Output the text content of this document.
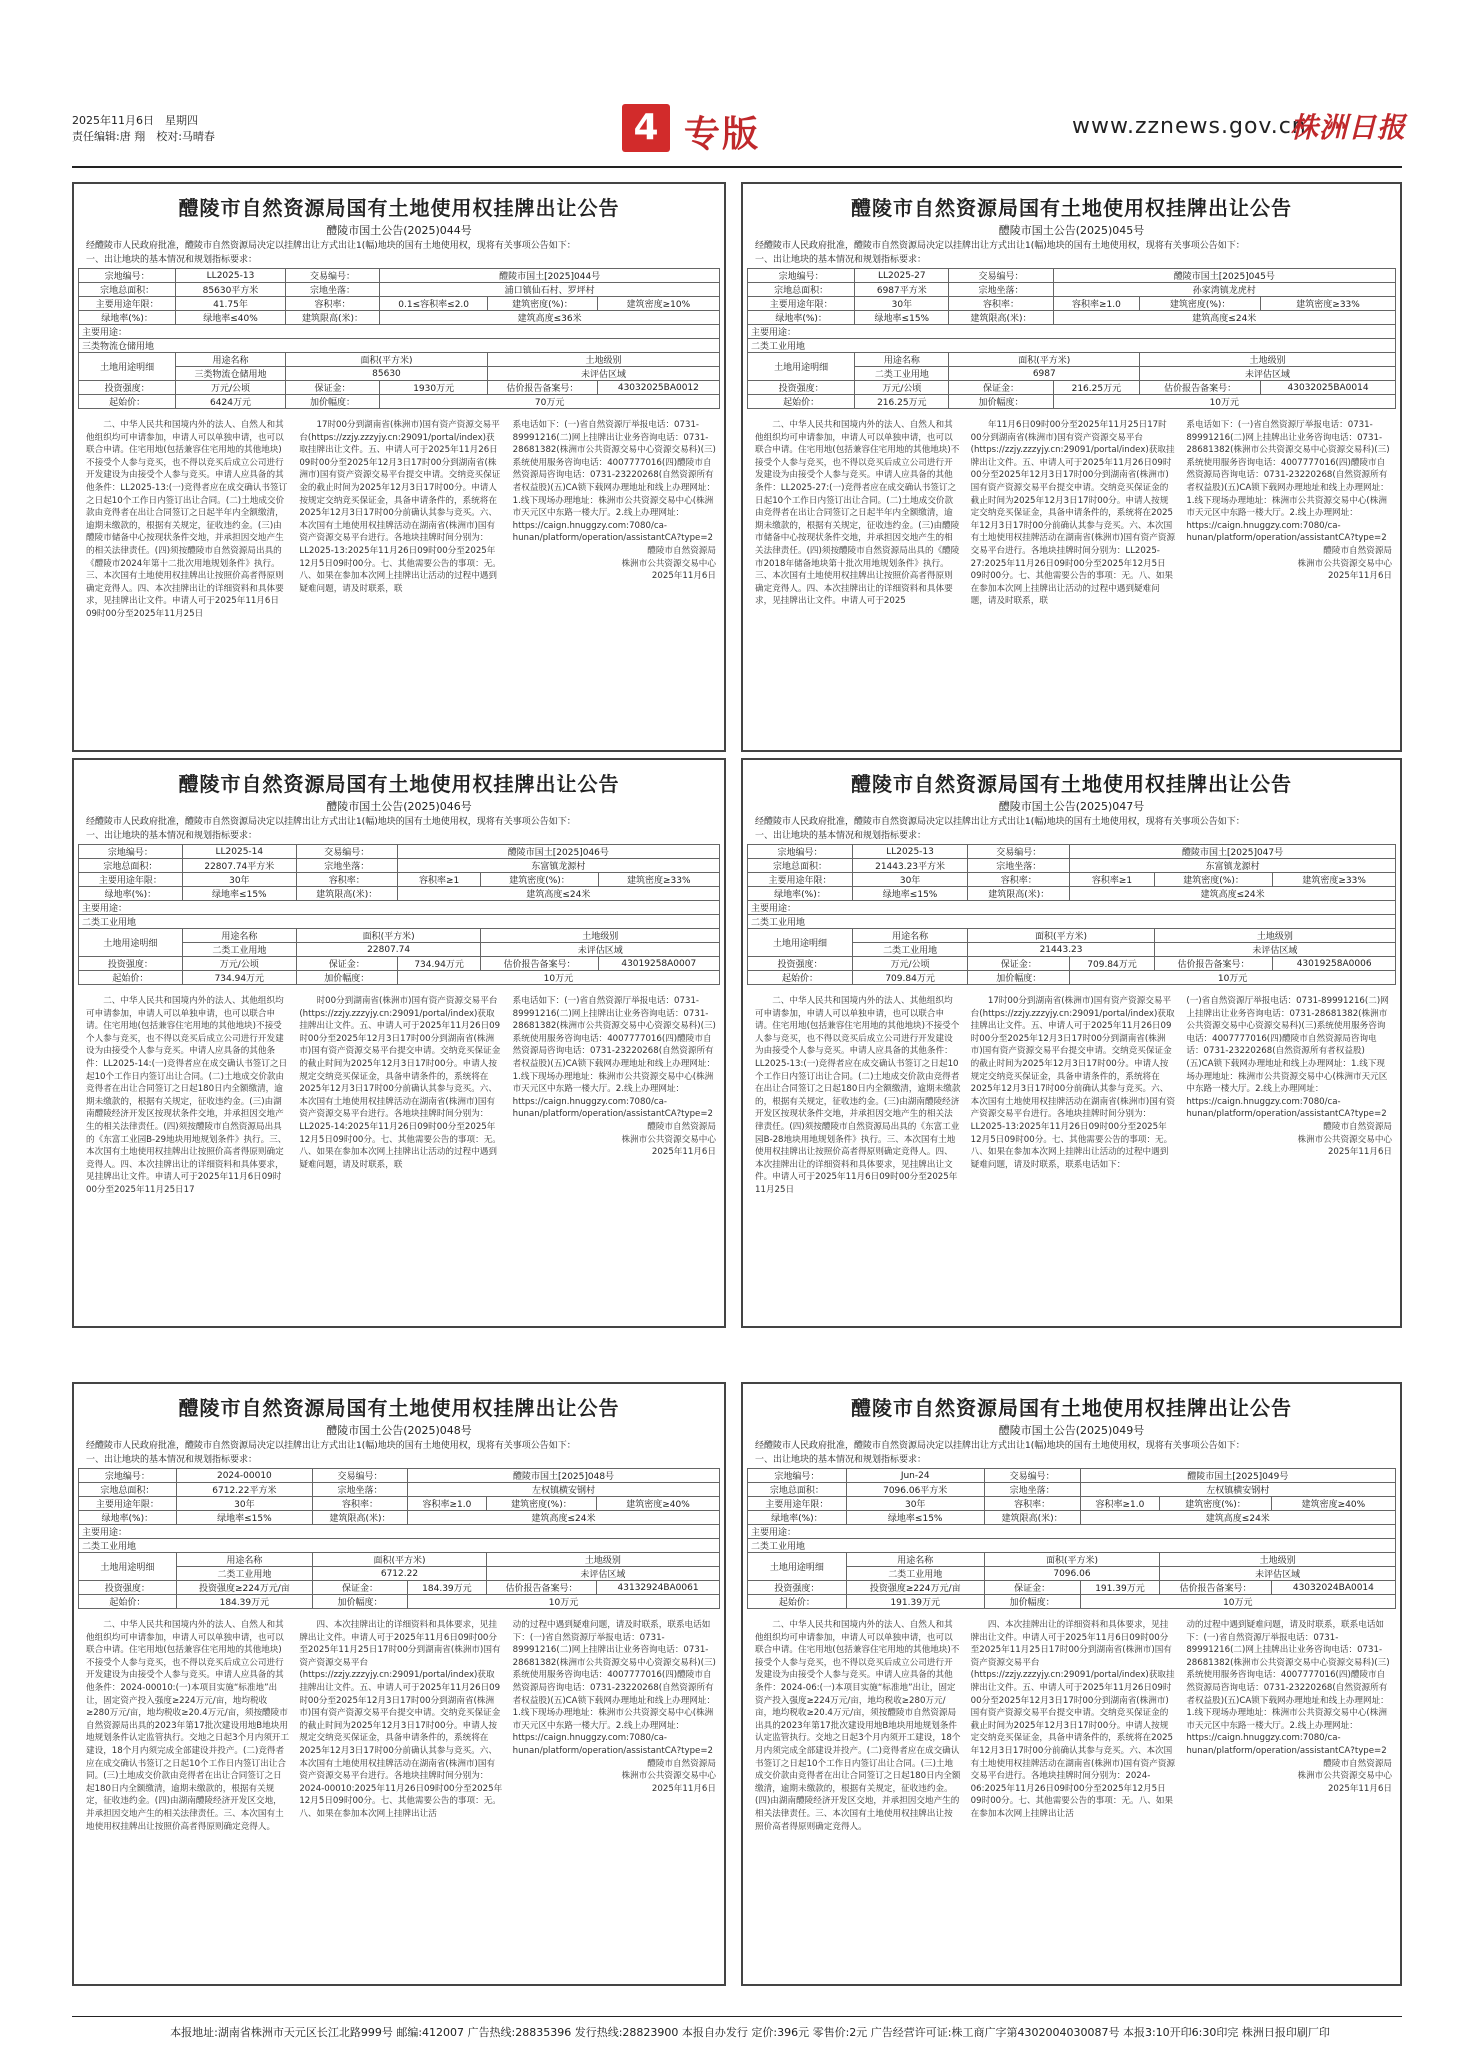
2025年11月6日　星期四
责任编辑:唐 翔　校对:马晴春	4 专版	www.zznews.gov.cn
株洲日报
醴陵市自然资源局国有土地使用权挂牌出让公告
醴陵市国土公告(2025)044号
经醴陵市人民政府批准，醴陵市自然资源局决定以挂牌出让方式出让1(幅)地块的国有土地使用权，现将有关事项公告如下：
一、出让地块的基本情况和规划指标要求：
宗地编号：	LL2025-13	交易编号：	醴陵市国土[2025]044号		
宗地总面积：	85630平方米	宗地坐落：	浦口镇仙石村、罗坪村		
主要用途年限：	41.75年	容积率：	0.1≤容积率≤2.0	建筑密度(%)：	建筑密度≥10%
绿地率(%)：	绿地率≤40%	建筑限高(米)：	建筑高度≤36米		
主要用途：					
三类物流仓储用地					
土地用途明细	用途名称	面积(平方米)		土地级别	
	三类物流仓储用地	85630		未评估区域	
投资强度：	万元/公顷	保证金：	1930万元	估价报告备案号：	43032025BA0012
起始价：	6424万元	加价幅度：	70万元		

二、中华人民共和国境内外的法人、自然人和其他组织均可申请参加，申请人可以单独申请，也可以联合申请。住宅用地(包括兼容住宅用地的其他地块)不接受个人参与竞买，也不得以竞买后成立公司进行开发建设为由接受个人参与竞买。申请人应具备的其他条件：LL2025-13:(一)竞得者应在成交确认书签订之日起10个工作日内签订出让合同。(二)土地成交价款由竞得者在出让合同签订之日起半年内全额缴清，逾期未缴款的，根据有关规定，征收违约金。(三)由醴陵市储备中心按现状条件交地，并承担因交地产生的相关法律责任。(四)须按醴陵市自然资源局出具的《醴陵市2024年第十二批次用地规划条件》执行。三、本次国有土地使用权挂牌出让按照价高者得原则确定竞得人。四、本次挂牌出让的详细资料和具体要求，见挂牌出让文件。申请人可于2025年11月6日09时00分至2025年11月25日

17时00分到湖南省(株洲市)国有资产资源交易平台(https://zzjy.zzzyjy.cn:29091/portal/index)获取挂牌出让文件。五、申请人可于2025年11月26日09时00分至2025年12月3日17时00分到湖南省(株洲市)国有资产资源交易平台提交申请。交纳竞买保证金的截止时间为2025年12月3日17时00分。申请人按规定交纳竞买保证金，具备申请条件的，系统将在2025年12月3日17时00分前确认其参与竞买。六、本次国有土地使用权挂牌活动在湖南省(株洲市)国有资产资源交易平台进行。各地块挂牌时间分别为：LL2025-13:2025年11月26日09时00分至2025年12月5日09时00分。七、其他需要公告的事项：无。八、如果在参加本次网上挂牌出让活动的过程中遇到疑难问题，请及时联系，联

系电话如下：(一)省自然资源厅举报电话：0731-89991216(二)网上挂牌出让业务咨询电话：0731-28681382(株洲市公共资源交易中心资源交易科)(三)系统使用服务咨询电话：4007777016(四)醴陵市自然资源局咨询电话：0731-23220268(自然资源所有者权益股)(五)CA锁下载网办理地址和线上办理网址：1.线下现场办理地址：株洲市公共资源交易中心(株洲市天元区中东路一楼大厅。2.线上办理网址：https://caign.hnuggzy.com:7080/ca-hunan/platform/operation/assistantCA?type=2

醴陵市自然资源局

株洲市公共资源交易中心

2025年11月6日

醴陵市自然资源局国有土地使用权挂牌出让公告
醴陵市国土公告(2025)045号
经醴陵市人民政府批准，醴陵市自然资源局决定以挂牌出让方式出让1(幅)地块的国有土地使用权，现将有关事项公告如下：
一、出让地块的基本情况和规划指标要求：
宗地编号：	LL2025-27	交易编号：	醴陵市国土[2025]045号		
宗地总面积：	6987平方米	宗地坐落：	孙家湾镇龙虎村		
主要用途年限：	30年	容积率：	容积率≥1.0	建筑密度(%)：	建筑密度≥33%
绿地率(%)：	绿地率≤15%	建筑限高(米)：	建筑高度≤24米		
主要用途：					
二类工业用地					
土地用途明细	用途名称	面积(平方米)		土地级别	
	二类工业用地	6987		未评估区域	
投资强度：	万元/公顷	保证金：	216.25万元	估价报告备案号：	43032025BA0014
起始价：	216.25万元	加价幅度：	10万元		

二、中华人民共和国境内外的法人、自然人和其他组织均可申请参加，申请人可以单独申请，也可以联合申请。住宅用地(包括兼容住宅用地的其他地块)不接受个人参与竞买，也不得以竞买后成立公司进行开发建设为由接受个人参与竞买。申请人应具备的其他条件：LL2025-27:(一)竞得者应在成交确认书签订之日起10个工作日内签订出让合同。(二)土地成交价款由竞得者在出让合同签订之日起半年内全额缴清，逾期未缴款的，根据有关规定，征收违约金。(三)由醴陵市储备中心按现状条件交地，并承担因交地产生的相关法律责任。(四)须按醴陵市自然资源局出具的《醴陵市2018年储备地块第十批次用地规划条件》执行。三、本次国有土地使用权挂牌出让按照价高者得原则确定竞得人。四、本次挂牌出让的详细资料和具体要求，见挂牌出让文件。申请人可于2025

年11月6日09时00分至2025年11月25日17时00分到湖南省(株洲市)国有资产资源交易平台(https://zzjy.zzzyjy.cn:29091/portal/index)获取挂牌出让文件。五、申请人可于2025年11月26日09时00分至2025年12月3日17时00分到湖南省(株洲市)国有资产资源交易平台提交申请。交纳竞买保证金的截止时间为2025年12月3日17时00分。申请人按规定交纳竞买保证金，具备申请条件的，系统将在2025年12月3日17时00分前确认其参与竞买。六、本次国有土地使用权挂牌活动在湖南省(株洲市)国有资产资源交易平台进行。各地块挂牌时间分别为：LL2025-27:2025年11月26日09时00分至2025年12月5日09时00分。七、其他需要公告的事项：无。八、如果在参加本次网上挂牌出让活动的过程中遇到疑难问题，请及时联系，联

系电话如下：(一)省自然资源厅举报电话：0731-89991216(二)网上挂牌出让业务咨询电话：0731-28681382(株洲市公共资源交易中心资源交易科)(三)系统使用服务咨询电话：4007777016(四)醴陵市自然资源局咨询电话：0731-23220268(自然资源所有者权益股)(五)CA锁下载网办理地址和线上办理网址：1.线下现场办理地址：株洲市公共资源交易中心(株洲市天元区中东路一楼大厅。2.线上办理网址：https://caign.hnuggzy.com:7080/ca-hunan/platform/operation/assistantCA?type=2

醴陵市自然资源局

株洲市公共资源交易中心

2025年11月6日

醴陵市自然资源局国有土地使用权挂牌出让公告
醴陵市国土公告(2025)046号
经醴陵市人民政府批准，醴陵市自然资源局决定以挂牌出让方式出让1(幅)地块的国有土地使用权，现将有关事项公告如下：
一、出让地块的基本情况和规划指标要求：
宗地编号：	LL2025-14	交易编号：	醴陵市国土[2025]046号		
宗地总面积：	22807.74平方米	宗地坐落：	东富镇龙源村		
主要用途年限：	30年	容积率：	容积率≥1	建筑密度(%)：	建筑密度≥33%
绿地率(%)：	绿地率≤15%	建筑限高(米)：	建筑高度≤24米		
主要用途：					
二类工业用地					
土地用途明细	用途名称	面积(平方米)		土地级别	
	二类工业用地	22807.74		未评估区域	
投资强度：	万元/公顷	保证金：	734.94万元	估价报告备案号：	43019258A0007
起始价：	734.94万元	加价幅度：	10万元		

二、中华人民共和国境内外的法人、其他组织均可申请参加，申请人可以单独申请，也可以联合申请。住宅用地(包括兼容住宅用地的其他地块)不接受个人参与竞买，也不得以竞买后成立公司进行开发建设为由接受个人参与竞买。申请人应具备的其他条件：LL2025-14:(一)竞得者应在成交确认书签订之日起10个工作日内签订出让合同。(二)土地成交价款由竞得者在出让合同签订之日起180日内全额缴清，逾期未缴款的，根据有关规定，征收违约金。(三)由湖南醴陵经济开发区按现状条件交地，并承担因交地产生的相关法律责任。(四)须按醴陵市自然资源局出具的《东富工业园B-29地块用地规划条件》执行。三、本次国有土地使用权挂牌出让按照价高者得原则确定竞得人。四、本次挂牌出让的详细资料和具体要求，见挂牌出让文件。申请人可于2025年11月6日09时00分至2025年11月25日17

时00分到湖南省(株洲市)国有资产资源交易平台(https://zzjy.zzzyjy.cn:29091/portal/index)获取挂牌出让文件。五、申请人可于2025年11月26日09时00分至2025年12月3日17时00分到湖南省(株洲市)国有资产资源交易平台提交申请。交纳竞买保证金的截止时间为2025年12月3日17时00分。申请人按规定交纳竞买保证金，具备申请条件的，系统将在2025年12月3日17时00分前确认其参与竞买。六、本次国有土地使用权挂牌活动在湖南省(株洲市)国有资产资源交易平台进行。各地块挂牌时间分别为：LL2025-14:2025年11月26日09时00分至2025年12月5日09时00分。七、其他需要公告的事项：无。八、如果在参加本次网上挂牌出让活动的过程中遇到疑难问题，请及时联系，联

系电话如下：(一)省自然资源厅举报电话：0731-89991216(二)网上挂牌出让业务咨询电话：0731-28681382(株洲市公共资源交易中心资源交易科)(三)系统使用服务咨询电话：4007777016(四)醴陵市自然资源局咨询电话：0731-23220268(自然资源所有者权益股)(五)CA锁下载网办理地址和线上办理网址：1.线下现场办理地址：株洲市公共资源交易中心(株洲市天元区中东路一楼大厅。2.线上办理网址：https://caign.hnuggzy.com:7080/ca-hunan/platform/operation/assistantCA?type=2

醴陵市自然资源局

株洲市公共资源交易中心

2025年11月6日

醴陵市自然资源局国有土地使用权挂牌出让公告
醴陵市国土公告(2025)047号
经醴陵市人民政府批准，醴陵市自然资源局决定以挂牌出让方式出让1(幅)地块的国有土地使用权，现将有关事项公告如下：
一、出让地块的基本情况和规划指标要求：
宗地编号：	LL2025-13	交易编号：	醴陵市国土[2025]047号		
宗地总面积：	21443.23平方米	宗地坐落：	东富镇龙源村		
主要用途年限：	30年	容积率：	容积率≥1	建筑密度(%)：	建筑密度≥33%
绿地率(%)：	绿地率≤15%	建筑限高(米)：	建筑高度≤24米		
主要用途：					
二类工业用地					
土地用途明细	用途名称	面积(平方米)		土地级别	
	二类工业用地	21443.23		未评估区域	
投资强度：	万元/公顷	保证金：	709.84万元	估价报告备案号：	43019258A0006
起始价：	709.84万元	加价幅度：	10万元		

二、中华人民共和国境内外的法人、其他组织均可申请参加，申请人可以单独申请，也可以联合申请。住宅用地(包括兼容住宅用地的其他地块)不接受个人参与竞买，也不得以竞买后成立公司进行开发建设为由接受个人参与竞买。申请人应具备的其他条件：LL2025-13:(一)竞得者应在成交确认书签订之日起10个工作日内签订出让合同。(二)土地成交价款由竞得者在出让合同签订之日起180日内全额缴清，逾期未缴款的，根据有关规定，征收违约金。(三)由湖南醴陵经济开发区按现状条件交地，并承担因交地产生的相关法律责任。(四)须按醴陵市自然资源局出具的《东富工业园B-28地块用地规划条件》执行。三、本次国有土地使用权挂牌出让按照价高者得原则确定竞得人。四、本次挂牌出让的详细资料和具体要求，见挂牌出让文件。申请人可于2025年11月6日09时00分至2025年11月25日

17时00分到湖南省(株洲市)国有资产资源交易平台(https://zzjy.zzzyjy.cn:29091/portal/index)获取挂牌出让文件。五、申请人可于2025年11月26日09时00分至2025年12月3日17时00分到湖南省(株洲市)国有资产资源交易平台提交申请。交纳竞买保证金的截止时间为2025年12月3日17时00分。申请人按规定交纳竞买保证金，具备申请条件的，系统将在2025年12月3日17时00分前确认其参与竞买。六、本次国有土地使用权挂牌活动在湖南省(株洲市)国有资产资源交易平台进行。各地块挂牌时间分别为：LL2025-13:2025年11月26日09时00分至2025年12月5日09时00分。七、其他需要公告的事项：无。八、如果在参加本次网上挂牌出让活动的过程中遇到疑难问题，请及时联系，联系电话如下：

(一)省自然资源厅举报电话：0731-89991216(二)网上挂牌出让业务咨询电话：0731-28681382(株洲市公共资源交易中心资源交易科)(三)系统使用服务咨询电话：4007777016(四)醴陵市自然资源局咨询电话：0731-23220268(自然资源所有者权益股)(五)CA锁下载网办理地址和线上办理网址：1.线下现场办理地址：株洲市公共资源交易中心(株洲市天元区中东路一楼大厅。2.线上办理网址：https://caign.hnuggzy.com:7080/ca-hunan/platform/operation/assistantCA?type=2

醴陵市自然资源局

株洲市公共资源交易中心

2025年11月6日

醴陵市自然资源局国有土地使用权挂牌出让公告
醴陵市国土公告(2025)048号
经醴陵市人民政府批准，醴陵市自然资源局决定以挂牌出让方式出让1(幅)地块的国有土地使用权，现将有关事项公告如下：
一、出让地块的基本情况和规划指标要求：
宗地编号：	2024-00010	交易编号：	醴陵市国土[2025]048号		
宗地总面积：	6712.22平方米	宗地坐落：	左权镇横安钢村		
主要用途年限：	30年	容积率：	容积率≥1.0	建筑密度(%)：	建筑密度≥40%
绿地率(%)：	绿地率≤15%	建筑限高(米)：	建筑高度≤24米		
主要用途：					
二类工业用地					
土地用途明细	用途名称	面积(平方米)		土地级别	
	二类工业用地	6712.22		未评估区域	
投资强度：	投资强度≥224万元/亩	保证金：	184.39万元	估价报告备案号：	43132924BA0061
起始价：	184.39万元	加价幅度：	10万元		

二、中华人民共和国境内外的法人、自然人和其他组织均可申请参加，申请人可以单独申请，也可以联合申请。住宅用地(包括兼容住宅用地的其他地块)不接受个人参与竞买，也不得以竞买后成立公司进行开发建设为由接受个人参与竞买。申请人应具备的其他条件：2024-00010:(一)本项目实施“标准地”出让，固定资产投入强度≥224万元/亩，地均税收≥280万元/亩，地均税收≥20.4万元/亩，须按醴陵市自然资源局出具的2023年第17批次建设用地B地块用地规划条件认定监管执行。交地之日起3个月内须开工建设，18个月内须完成全部建设并投产。(二)竞得者应在成交确认书签订之日起10个工作日内签订出让合同。(三)土地成交价款由竞得者在出让合同签订之日起180日内全额缴清，逾期未缴款的，根据有关规定，征收违约金。(四)由湖南醴陵经济开发区交地，并承担因交地产生的相关法律责任。三、本次国有土地使用权挂牌出让按照价高者得原则确定竞得人。

四、本次挂牌出让的详细资料和具体要求，见挂牌出让文件。申请人可于2025年11月6日09时00分至2025年11月25日17时00分到湖南省(株洲市)国有资产资源交易平台(https://zzjy.zzzyjy.cn:29091/portal/index)获取挂牌出让文件。五、申请人可于2025年11月26日09时00分至2025年12月3日17时00分到湖南省(株洲市)国有资产资源交易平台提交申请。交纳竞买保证金的截止时间为2025年12月3日17时00分。申请人按规定交纳竞买保证金，具备申请条件的，系统将在2025年12月3日17时00分前确认其参与竞买。六、本次国有土地使用权挂牌活动在湖南省(株洲市)国有资产资源交易平台进行。各地块挂牌时间分别为：2024-00010:2025年11月26日09时00分至2025年12月5日09时00分。七、其他需要公告的事项：无。八、如果在参加本次网上挂牌出让活

动的过程中遇到疑难问题，请及时联系，联系电话如下：(一)省自然资源厅举报电话：0731-89991216(二)网上挂牌出让业务咨询电话：0731-28681382(株洲市公共资源交易中心资源交易科)(三)系统使用服务咨询电话：4007777016(四)醴陵市自然资源局咨询电话：0731-23220268(自然资源所有者权益股)(五)CA锁下载网办理地址和线上办理网址：1.线下现场办理地址：株洲市公共资源交易中心(株洲市天元区中东路一楼大厅。2.线上办理网址：https://caign.hnuggzy.com:7080/ca-hunan/platform/operation/assistantCA?type=2

醴陵市自然资源局

株洲市公共资源交易中心

2025年11月6日

醴陵市自然资源局国有土地使用权挂牌出让公告
醴陵市国土公告(2025)049号
经醴陵市人民政府批准，醴陵市自然资源局决定以挂牌出让方式出让1(幅)地块的国有土地使用权，现将有关事项公告如下：
一、出让地块的基本情况和规划指标要求：
宗地编号：	Jun-24	交易编号：	醴陵市国土[2025]049号		
宗地总面积：	7096.06平方米	宗地坐落：	左权镇横安钢村		
主要用途年限：	30年	容积率：	容积率≥1.0	建筑密度(%)：	建筑密度≥40%
绿地率(%)：	绿地率≤15%	建筑限高(米)：	建筑高度≤24米		
主要用途：					
二类工业用地					
土地用途明细	用途名称	面积(平方米)		土地级别	
	二类工业用地	7096.06		未评估区域	
投资强度：	投资强度≥224万元/亩	保证金：	191.39万元	估价报告备案号：	43032024BA0014
起始价：	191.39万元	加价幅度：	10万元		

二、中华人民共和国境内外的法人、自然人和其他组织均可申请参加，申请人可以单独申请，也可以联合申请。住宅用地(包括兼容住宅用地的其他地块)不接受个人参与竞买，也不得以竞买后成立公司进行开发建设为由接受个人参与竞买。申请人应具备的其他条件：2024-06:(一)本项目实施“标准地”出让，固定资产投入强度≥224万元/亩，地均税收≥280万元/亩，地均税收≥20.4万元/亩，须按醴陵市自然资源局出具的2023年第17批次建设用地B地块用地规划条件认定监管执行。交地之日起3个月内须开工建设，18个月内须完成全部建设并投产。(二)竞得者应在成交确认书签订之日起10个工作日内签订出让合同。(三)土地成交价款由竞得者在出让合同签订之日起180日内全额缴清，逾期未缴款的，根据有关规定，征收违约金。(四)由湖南醴陵经济开发区交地，并承担因交地产生的相关法律责任。三、本次国有土地使用权挂牌出让按照价高者得原则确定竞得人。

四、本次挂牌出让的详细资料和具体要求，见挂牌出让文件。申请人可于2025年11月6日09时00分至2025年11月25日17时00分到湖南省(株洲市)国有资产资源交易平台(https://zzjy.zzzyjy.cn:29091/portal/index)获取挂牌出让文件。五、申请人可于2025年11月26日09时00分至2025年12月3日17时00分到湖南省(株洲市)国有资产资源交易平台提交申请。交纳竞买保证金的截止时间为2025年12月3日17时00分。申请人按规定交纳竞买保证金，具备申请条件的，系统将在2025年12月3日17时00分前确认其参与竞买。六、本次国有土地使用权挂牌活动在湖南省(株洲市)国有资产资源交易平台进行。各地块挂牌时间分别为：2024-06:2025年11月26日09时00分至2025年12月5日09时00分。七、其他需要公告的事项：无。八、如果在参加本次网上挂牌出让活

动的过程中遇到疑难问题，请及时联系，联系电话如下：(一)省自然资源厅举报电话：0731-89991216(二)网上挂牌出让业务咨询电话：0731-28681382(株洲市公共资源交易中心资源交易科)(三)系统使用服务咨询电话：4007777016(四)醴陵市自然资源局咨询电话：0731-23220268(自然资源所有者权益股)(五)CA锁下载网办理地址和线上办理网址：1.线下现场办理地址：株洲市公共资源交易中心(株洲市天元区中东路一楼大厅。2.线上办理网址：https://caign.hnuggzy.com:7080/ca-hunan/platform/operation/assistantCA?type=2

醴陵市自然资源局

株洲市公共资源交易中心

2025年11月6日

本报地址:湖南省株洲市天元区长江北路999号 邮编:412007 广告热线:28835396 发行热线:28823900 本报自办发行 定价:396元 零售价:2元 广告经营许可证:株工商广字第4302004030087号 本报3:10开印6:30印完 株洲日报印刷厂印
